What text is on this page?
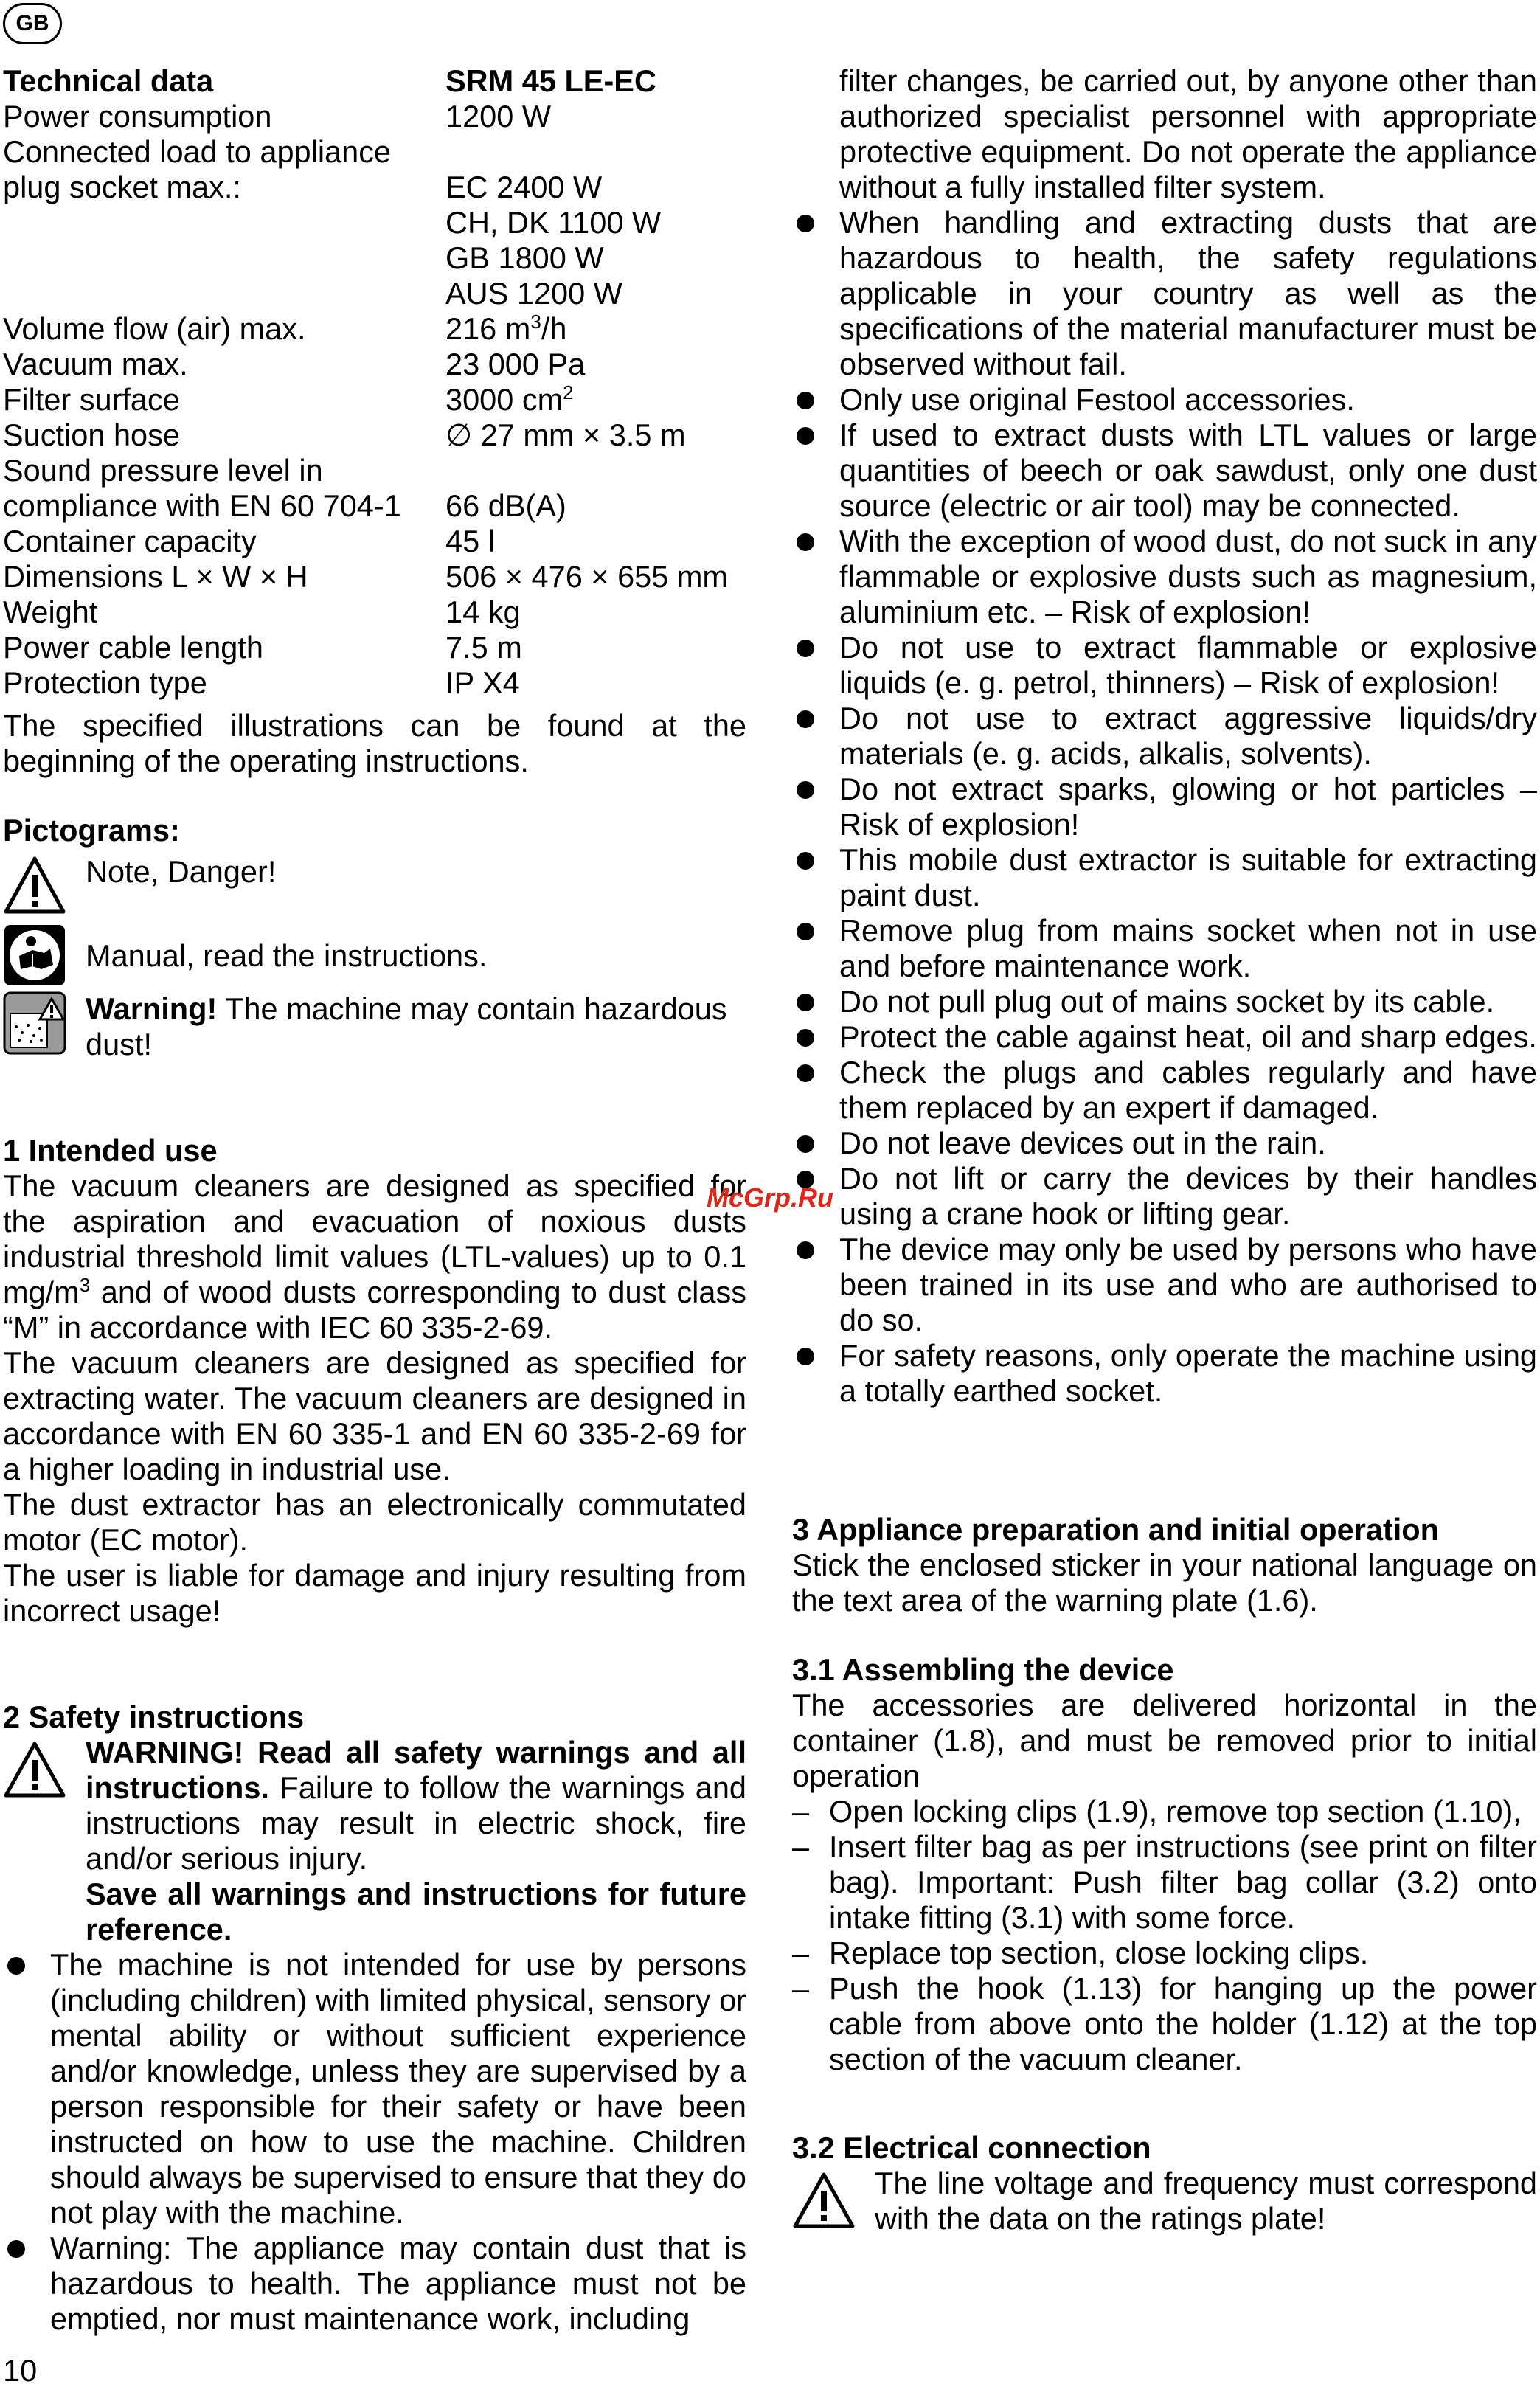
GB
Technical data	SRM 45 LE-EC
Power consumption	1200 W
Connected load to appliance
plug socket max.:	EC 2400 W
CH, DK 1100 W
GB 1800 W
AUS 1200 W
Volume flow (air) max.	216 $m^3/h$
Vacuum max.	23 000 Pa
Filter surface	3000 $cm^2$
Suction hose	∅ 27 mm × 3.5 m
Sound pressure level in
compliance with EN 60 704-1	66 dB(A)
Container capacity	45 l
Dimensions L × W × H	506 × 476 × 655 mm
Weight	14 kg
Power cable length	7.5 m
Protection type	IP X4

The specified illustrations can be found at the beginning of the operating instructions.

Pictograms:

Note, Danger!
Manual, read the instructions.
Warning! The machine may contain hazardous dust!

1 Intended use

The vacuum cleaners are designed as specified for the aspiration and evacuation of noxious dusts industrial threshold limit values (LTL-values) up to 0.1 $mg/m^3$ and of wood dusts corresponding to dust class “M” in accordance with IEC 60 335-2-69.

The vacuum cleaners are designed as specified for extracting water. The vacuum cleaners are designed in accordance with EN 60 335-1 and EN 60 335-2-69 for a higher loading in industrial use.

The dust extractor has an electronically commutated motor (EC motor).

The user is liable for damage and injury resulting from incorrect usage!

2 Safety instructions

WARNING! Read all safety warnings and all instructions. Failure to follow the warnings and instructions may result in electric shock, fire and/or serious injury.

Save all warnings and instructions for future reference.

The machine is not intended for use by persons (including children) with limited physical, sensory or mental ability or without sufficient experience and/or knowledge, unless they are supervised by a person responsible for their safety or have been instructed on how to use the machine. Children should always be supervised to ensure that they do not play with the machine.
Warning: The appliance may contain dust that is hazardous to health. The appliance must not be emptied, nor must maintenance work, including

filter changes, be carried out, by anyone other than authorized specialist personnel with appropriate protective equipment. Do not operate the appliance without a fully installed filter system.

When handling and extracting dusts that are hazardous to health, the safety regulations applicable in your country as well as the specifications of the material manufacturer must be observed without fail.
Only use original Festool accessories.
If used to extract dusts with LTL values or large quantities of beech or oak sawdust, only one dust source (electric or air tool) may be connected.
With the exception of wood dust, do not suck in any flammable or explosive dusts such as magnesium, aluminium etc. – Risk of explosion!
Do not use to extract flammable or explosive liquids (e. g. petrol, thinners) – Risk of explosion!
Do not use to extract aggressive liquids/dry materials (e. g. acids, alkalis, solvents).
Do not extract sparks, glowing or hot particles – Risk of explosion!
This mobile dust extractor is suitable for extracting paint dust.
Remove plug from mains socket when not in use and before maintenance work.
Do not pull plug out of mains socket by its cable.
Protect the cable against heat, oil and sharp edges.
Check the plugs and cables regularly and have them replaced by an expert if damaged.
Do not leave devices out in the rain.
Do not lift or carry the devices by their handles using a crane hook or lifting gear.
The device may only be used by persons who have been trained in its use and who are authorised to do so.
For safety reasons, only operate the machine using a totally earthed socket.

3 Appliance preparation and initial operation

Stick the enclosed sticker in your national language on the text area of the warning plate (1.6).

3.1 Assembling the device

The accessories are delivered horizontal in the container (1.8), and must be removed prior to initial operation

– Open locking clips (1.9), remove top section (1.10),
– Insert filter bag as per instructions (see print on filter bag). Important: Push filter bag collar (3.2) onto intake fitting (3.1) with some force.
– Replace top section, close locking clips.
– Push the hook (1.13) for hanging up the power cable from above onto the holder (1.12) at the top section of the vacuum cleaner.

3.2 Electrical connection

The line voltage and frequency must correspond with the data on the ratings plate!

McGrp.Ru
10
